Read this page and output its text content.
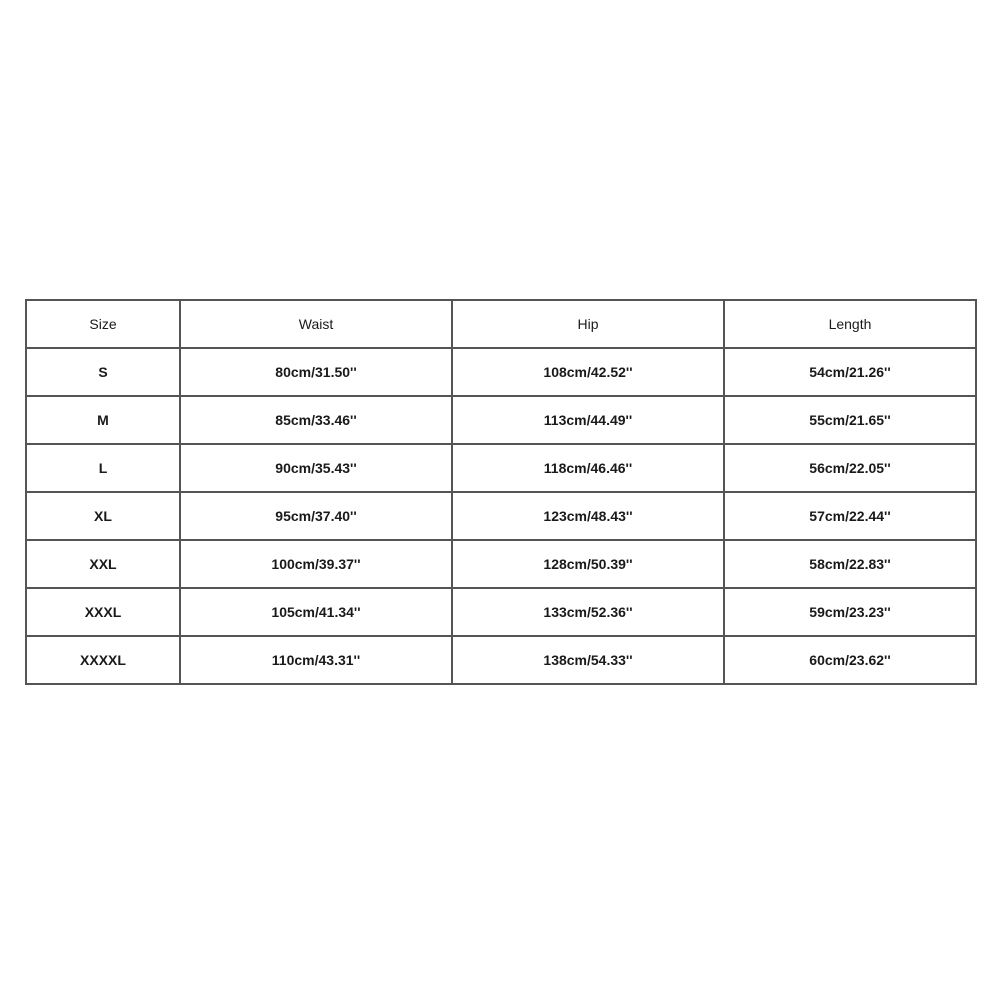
Size	Waist	Hip	Length
S	80cm/31.50''	108cm/42.52''	54cm/21.26''
M	85cm/33.46''	113cm/44.49''	55cm/21.65''
L	90cm/35.43''	118cm/46.46''	56cm/22.05''
XL	95cm/37.40''	123cm/48.43''	57cm/22.44''
XXL	100cm/39.37''	128cm/50.39''	58cm/22.83''
XXXL	105cm/41.34''	133cm/52.36''	59cm/23.23''
XXXXL	110cm/43.31''	138cm/54.33''	60cm/23.62''
